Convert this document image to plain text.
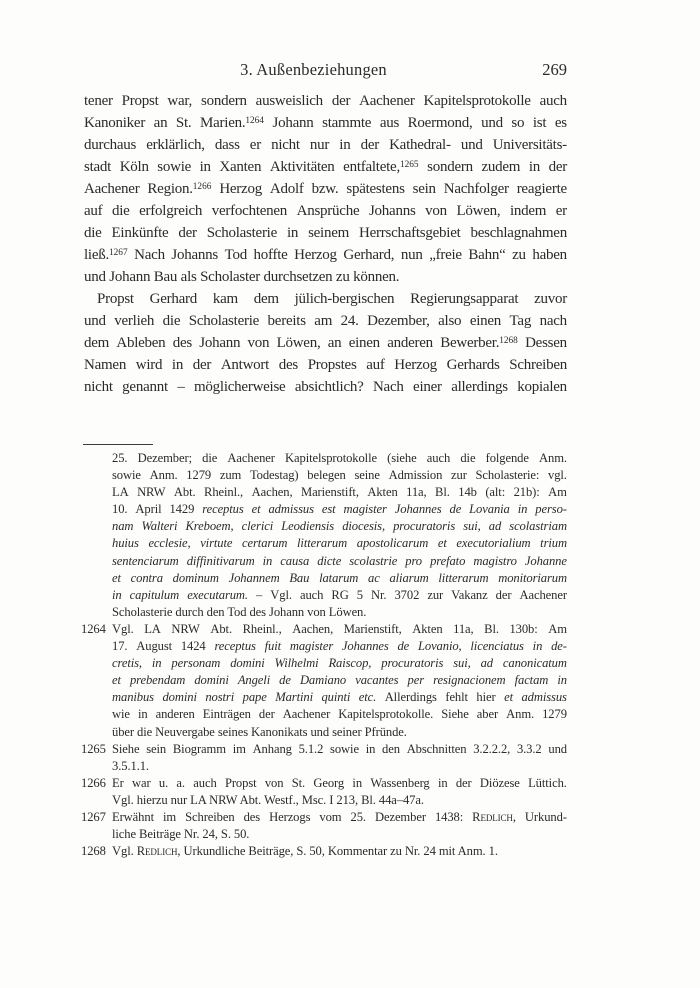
3. Außenbeziehungen	269
tener Propst war, sondern ausweislich der Aachener Kapitelsprotokolle auch
Kanoniker an St. Marien.$^{1264}$ Johann stammte aus Roermond, und so ist es
durchaus erklärlich, dass er nicht nur in der Kathedral- und Universitäts-
stadt Köln sowie in Xanten Aktivitäten entfaltete,$^{1265}$ sondern zudem in der
Aachener Region.$^{1266}$ Herzog Adolf bzw. spätestens sein Nachfolger reagierte
auf die erfolgreich verfochtenen Ansprüche Johanns von Löwen, indem er
die Einkünfte der Scholasterie in seinem Herrschaftsgebiet beschlagnahmen
ließ.$^{1267}$ Nach Johanns Tod hoffte Herzog Gerhard, nun „freie Bahn“ zu haben
und Johann Bau als Scholaster durchsetzen zu können.
Propst Gerhard kam dem jülich-bergischen Regierungsapparat zuvor
und verlieh die Scholasterie bereits am 24. Dezember, also einen Tag nach
dem Ableben des Johann von Löwen, an einen anderen Bewerber.$^{1268}$ Dessen
Namen wird in der Antwort des Propstes auf Herzog Gerhards Schreiben
nicht genannt – möglicherweise absichtlich? Nach einer allerdings kopialen
25. Dezember; die Aachener Kapitelsprotokolle (siehe auch die folgende Anm.
sowie Anm. 1279 zum Todestag) belegen seine Admission zur Scholasterie: vgl.
LA NRW Abt. Rheinl., Aachen, Marienstift, Akten 11a, Bl. 14b (alt: 21b): Am
10. April 1429 receptus et admissus est magister Johannes de Lovania in perso-
nam Walteri Kreboem, clerici Leodiensis diocesis, procuratoris sui, ad scolastriam
huius ecclesie, virtute certarum litterarum apostolicarum et executorialium trium
sentenciarum diffinitivarum in causa dicte scolastrie pro prefato magistro Johanne
et contra dominum Johannem Bau latarum ac aliarum litterarum monitoriarum
in capitulum executarum. – Vgl. auch RG 5 Nr. 3702 zur Vakanz der Aachener
Scholasterie durch den Tod des Johann von Löwen.
1264 Vgl. LA NRW Abt. Rheinl., Aachen, Marienstift, Akten 11a, Bl. 130b: Am
17. August 1424 receptus fuit magister Johannes de Lovanio, licenciatus in de-
cretis, in personam domini Wilhelmi Raiscop, procuratoris sui, ad canonicatum
et prebendam domini Angeli de Damiano vacantes per resignacionem factam in
manibus domini nostri pape Martini quinti etc. Allerdings fehlt hier et admissus
wie in anderen Einträgen der Aachener Kapitelsprotokolle. Siehe aber Anm. 1279
über die Neuvergabe seines Kanonikats und seiner Pfründe.
1265 Siehe sein Biogramm im Anhang 5.1.2 sowie in den Abschnitten 3.2.2.2, 3.3.2 und
3.5.1.1.
1266 Er war u. a. auch Propst von St. Georg in Wassenberg in der Diözese Lüttich.
Vgl. hierzu nur LA NRW Abt. Westf., Msc. I 213, Bl. 44a–47a.
1267 Erwähnt im Schreiben des Herzogs vom 25. Dezember 1438: Redlich, Urkund-
liche Beiträge Nr. 24, S. 50.
1268 Vgl. Redlich, Urkundliche Beiträge, S. 50, Kommentar zu Nr. 24 mit Anm. 1.
